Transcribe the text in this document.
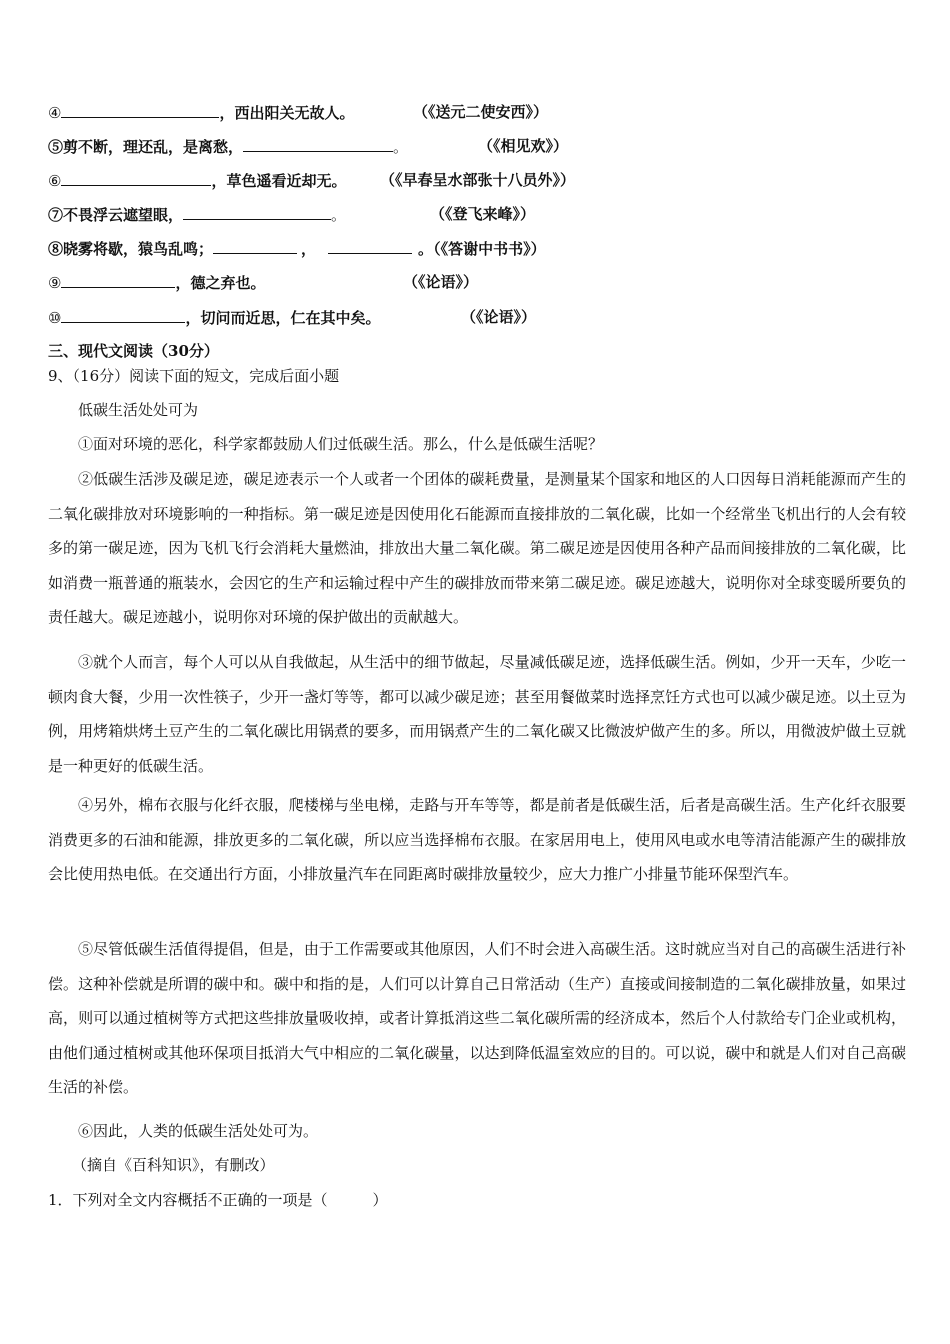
④	，西出阳关无故人。	（《送元二使安西》）
⑤剪不断，理还乱，是离愁，	。	（《相见欢》）
⑥	，草色遥看近却无。 （《早春呈水部张十八员外》）
⑦不畏浮云遮望眼，	。	（《登飞来峰》）
⑧晓雾将歇，猿鸟乱鸣；	，	。（《答谢中书书》）
⑨	，德之弃也。	（《论语》）
⑩	，切问而近思，仁在其中矣。	（《论语》）
三、现代文阅读（30分）
9、（16分）阅读下面的短文，完成后面小题
低碳生活处处可为
①面对环境的恶化，科学家都鼓励人们过低碳生活。那么，什么是低碳生活呢？
②低碳生活涉及碳足迹，碳足迹表示一个人或者一个团体的碳耗费量，是测量某个国家和地区的人口因每日消耗能源而产生的二氧化碳排放对环境影响的一种指标。第一碳足迹是因使用化石能源而直接排放的二氧化碳，比如一个经常坐飞机出行的人会有较多的第一碳足迹，因为飞机飞行会消耗大量燃油，排放出大量二氧化碳。第二碳足迹是因使用各种产品而间接排放的二氧化碳，比如消费一瓶普通的瓶装水，会因它的生产和运输过程中产生的碳排放而带来第二碳足迹。碳足迹越大，说明你对全球变暖所要负的责任越大。碳足迹越小，说明你对环境的保护做出的贡献越大。
③就个人而言，每个人可以从自我做起，从生活中的细节做起，尽量减低碳足迹，选择低碳生活。例如，少开一天车，少吃一顿肉食大餐，少用一次性筷子，少开一盏灯等等，都可以减少碳足迹；甚至用餐做菜时选择烹饪方式也可以减少碳足迹。以土豆为例，用烤箱烘烤土豆产生的二氧化碳比用锅煮的要多，而用锅煮产生的二氧化碳又比微波炉做产生的多。所以，用微波炉做土豆就是一种更好的低碳生活。
④另外，棉布衣服与化纤衣服，爬楼梯与坐电梯，走路与开车等等，都是前者是低碳生活，后者是高碳生活。生产化纤衣服要消费更多的石油和能源，排放更多的二氧化碳，所以应当选择棉布衣服。在家居用电上，使用风电或水电等清洁能源产生的碳排放会比使用热电低。在交通出行方面，小排放量汽车在同距离时碳排放量较少，应大力推广小排量节能环保型汽车。
⑤尽管低碳生活值得提倡，但是，由于工作需要或其他原因，人们不时会进入高碳生活。这时就应当对自己的高碳生活进行补偿。这种补偿就是所谓的碳中和。碳中和指的是，人们可以计算自己日常活动（生产）直接或间接制造的二氧化碳排放量，如果过高，则可以通过植树等方式把这些排放量吸收掉，或者计算抵消这些二氧化碳所需的经济成本，然后个人付款给专门企业或机构，由他们通过植树或其他环保项目抵消大气中相应的二氧化碳量，以达到降低温室效应的目的。可以说，碳中和就是人们对自己高碳生活的补偿。
⑥因此，人类的低碳生活处处可为。
（摘自《百科知识》，有删改）
1．下列对全文内容概括不正确的一项是（　　　）
